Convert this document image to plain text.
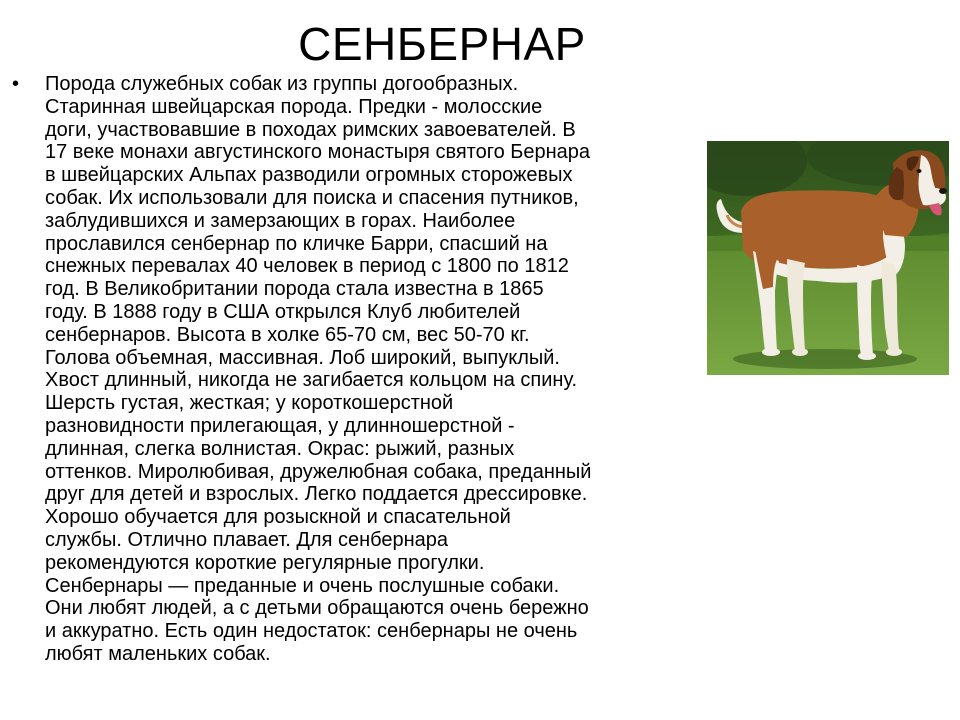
СЕНБЕРНАР
• Порода служебных собак из группы догообразных.
Старинная швейцарская порода. Предки - молосские
доги, участвовавшие в походах римских завоевателей. В
17 веке монахи августинского монастыря святого Бернара
в швейцарских Альпах разводили огромных сторожевых
собак. Их использовали для поиска и спасения путников,
заблудившихся и замерзающих в горах. Наиболее
прославился сенбернар по кличке Барри, спасший на
снежных перевалах 40 человек в период с 1800 по 1812
год. В Великобритании порода стала известна в 1865
году. В 1888 году в США открылся Клуб любителей
сенбернаров. Высота в холке 65-70 см, вес 50-70 кг.
Голова объемная, массивная. Лоб широкий, выпуклый.
Хвост длинный, никогда не загибается кольцом на спину.
Шерсть густая, жесткая; у короткошерстной
разновидности прилегающая, у длинношерстной -
длинная, слегка волнистая. Окрас: рыжий, разных
оттенков. Миролюбивая, дружелюбная собака, преданный
друг для детей и взрослых. Легко поддается дрессировке.
Хорошо обучается для розыскной и спасательной
службы. Отлично плавает. Для сенбернара
рекомендуются короткие регулярные прогулки.
Сенбернары — преданные и очень послушные собаки.
Они любят людей, а с детьми обращаются очень бережно
и аккуратно. Есть один недостаток: сенбернары не очень
любят маленьких собак.
